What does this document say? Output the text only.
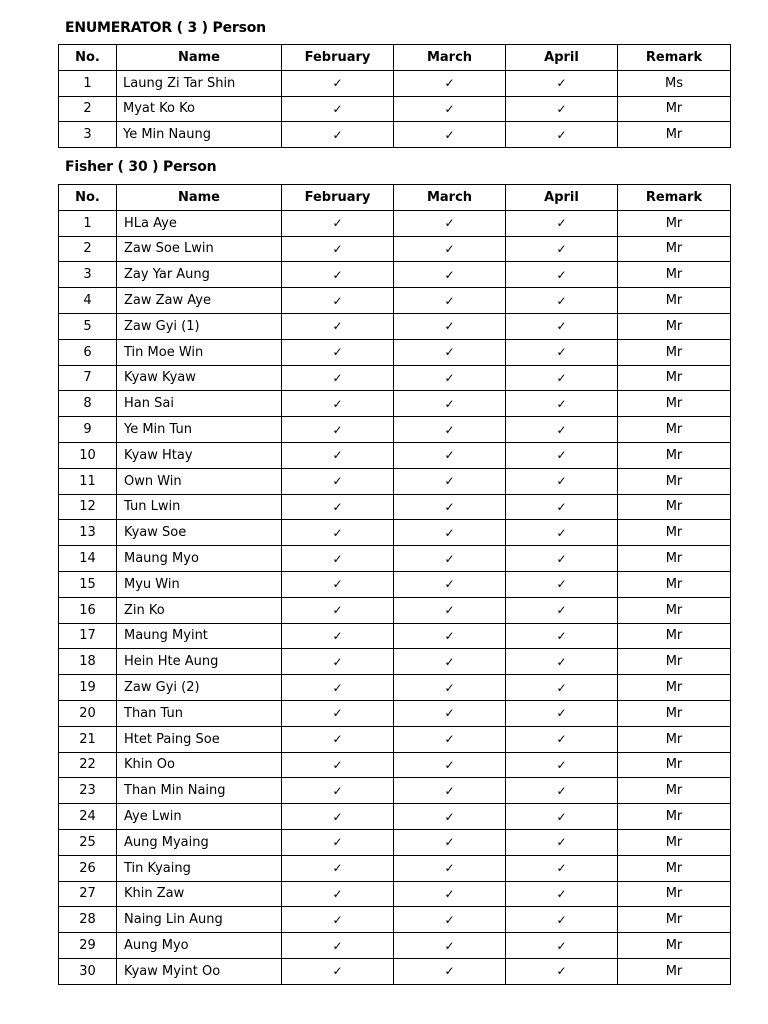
ENUMERATOR ( 3 ) Person
No.	Name	February	March	April	Remark
1	Laung Zi Tar Shin	✓	✓	✓	Ms
2	Myat Ko Ko	✓	✓	✓	Mr
3	Ye Min Naung	✓	✓	✓	Mr
Fisher ( 30 ) Person
No.	Name	February	March	April	Remark
1	HLa Aye	✓	✓	✓	Mr
2	Zaw Soe Lwin	✓	✓	✓	Mr
3	Zay Yar Aung	✓	✓	✓	Mr
4	Zaw Zaw Aye	✓	✓	✓	Mr
5	Zaw Gyi (1)	✓	✓	✓	Mr
6	Tin Moe Win	✓	✓	✓	Mr
7	Kyaw Kyaw	✓	✓	✓	Mr
8	Han Sai	✓	✓	✓	Mr
9	Ye Min Tun	✓	✓	✓	Mr
10	Kyaw Htay	✓	✓	✓	Mr
11	Own Win	✓	✓	✓	Mr
12	Tun Lwin	✓	✓	✓	Mr
13	Kyaw Soe	✓	✓	✓	Mr
14	Maung Myo	✓	✓	✓	Mr
15	Myu Win	✓	✓	✓	Mr
16	Zin Ko	✓	✓	✓	Mr
17	Maung Myint	✓	✓	✓	Mr
18	Hein Hte Aung	✓	✓	✓	Mr
19	Zaw Gyi (2)	✓	✓	✓	Mr
20	Than Tun	✓	✓	✓	Mr
21	Htet Paing Soe	✓	✓	✓	Mr
22	Khin Oo	✓	✓	✓	Mr
23	Than Min Naing	✓	✓	✓	Mr
24	Aye Lwin	✓	✓	✓	Mr
25	Aung Myaing	✓	✓	✓	Mr
26	Tin Kyaing	✓	✓	✓	Mr
27	Khin Zaw	✓	✓	✓	Mr
28	Naing Lin Aung	✓	✓	✓	Mr
29	Aung Myo	✓	✓	✓	Mr
30	Kyaw Myint Oo	✓	✓	✓	Mr
